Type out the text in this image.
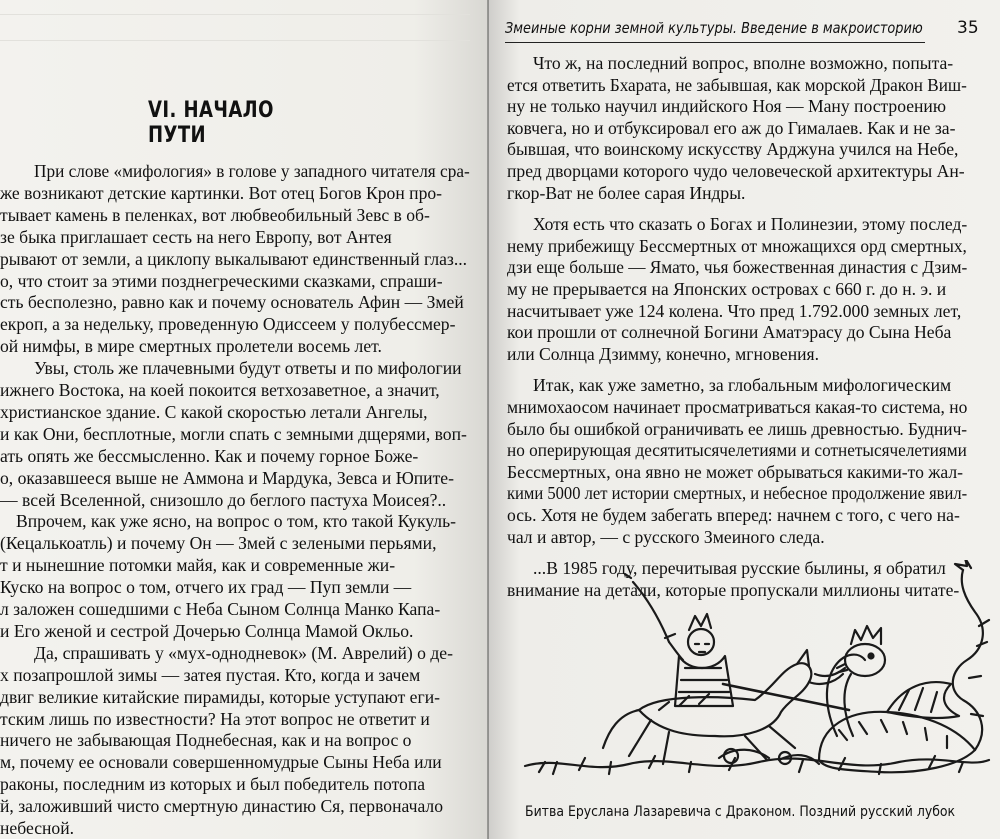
VI. НАЧАЛО ПУТИ
При слове «мифология» в голове у западного читателя сра-
же возникают детские картинки. Вот отец Богов Крон про-
тывает камень в пеленках, вот любвеобильный Зевс в об-
зе быка приглашает сесть на него Европу, вот Антея
рывают от земли, а циклопу выкалывают единственный глаз...
о, что стоит за этими позднегреческими сказками, спраши-
сть бесполезно, равно как и почему основатель Афин — Змей
екроп, а за недельку, проведенную Одиссеем у полубессмер-
ой нимфы, в мире смертных пролетели восемь лет.
Увы, столь же плачевными будут ответы и по мифологии
ижнего Востока, на коей покоится ветхозаветное, а значит,
христианское здание. С какой скоростью летали Ангелы,
и как Они, бесплотные, могли спать с земными дщерями, воп-
ать опять же бессмысленно. Как и почему горное Боже-
о, оказавшееся выше не Аммона и Мардука, Зевса и Юпите-
— всей Вселенной, снизошло до беглого пастуха Моисея?..
Впрочем, как уже ясно, на вопрос о том, кто такой Кукуль-
(Кецалькоатль) и почему Он — Змей с зелеными перьями,
т и нынешние потомки майя, как и современные жи-
Куско на вопрос о том, отчего их град — Пуп земли —
л заложен сошедшими с Неба Сыном Солнца Манко Капа-
и Его женой и сестрой Дочерью Солнца Мамой Окльо.
Да, спрашивать у «мух-однодневок» (М. Аврелий) о де-
х позапрошлой зимы — затея пустая. Кто, когда и зачем
двиг великие китайские пирамиды, которые уступают еги-
тским лишь по известности? На этот вопрос не ответит и
ничего не забывающая Поднебесная, как и на вопрос о
м, почему ее основали совершенномудрые Сыны Неба или
раконы, последним из которых и был победитель потопа
й, заложивший чисто смертную династию Ся, первоначало
небесной.
Змеиные корни земной культуры. Введение в макроисторию 35
Что ж, на последний вопрос, вполне возможно, попыта-
ется ответить Бхарата, не забывшая, как морской Дракон Виш-
ну не только научил индийского Ноя — Ману построению
ковчега, но и отбуксировал его аж до Гималаев. Как и не за-
бывшая, что воинскому искусству Арджуна учился на Небе,
пред дворцами которого чудо человеческой архитектуры Ан-
гкор-Ват не более сарая Индры.
Хотя есть что сказать о Богах и Полинезии, этому послед-
нему прибежищу Бессмертных от множащихся орд смертных,
дзи еще больше — Ямато, чья божественная династия с Дзим-
му не прерывается на Японских островах с 660 г. до н. э. и
насчитывает уже 124 колена. Что пред 1.792.000 земных лет,
кои прошли от солнечной Богини Аматэрасу до Сына Неба
или Солнца Дзимму, конечно, мгновения.
Итак, как уже заметно, за глобальным мифологическим
мнимохаосом начинает просматриваться какая-то система, но
было бы ошибкой ограничивать ее лишь древностью. Буднич-
но оперирующая десятитысячелетиями и сотнетысячелетиями
Бессмертных, она явно не может обрываться какими-то жал-
кими 5000 лет истории смертных, и небесное продолжение явил-
ось. Хотя не будем забегать вперед: начнем с того, с чего на-
чал и автор, — с русского Змеиного следа.
...В 1985 году, перечитывая русские былины, я обратил
внимание на детали, которые пропускали миллионы читате-
Битва Еруслана Лазаревича с Драконом. Поздний русский лубок
